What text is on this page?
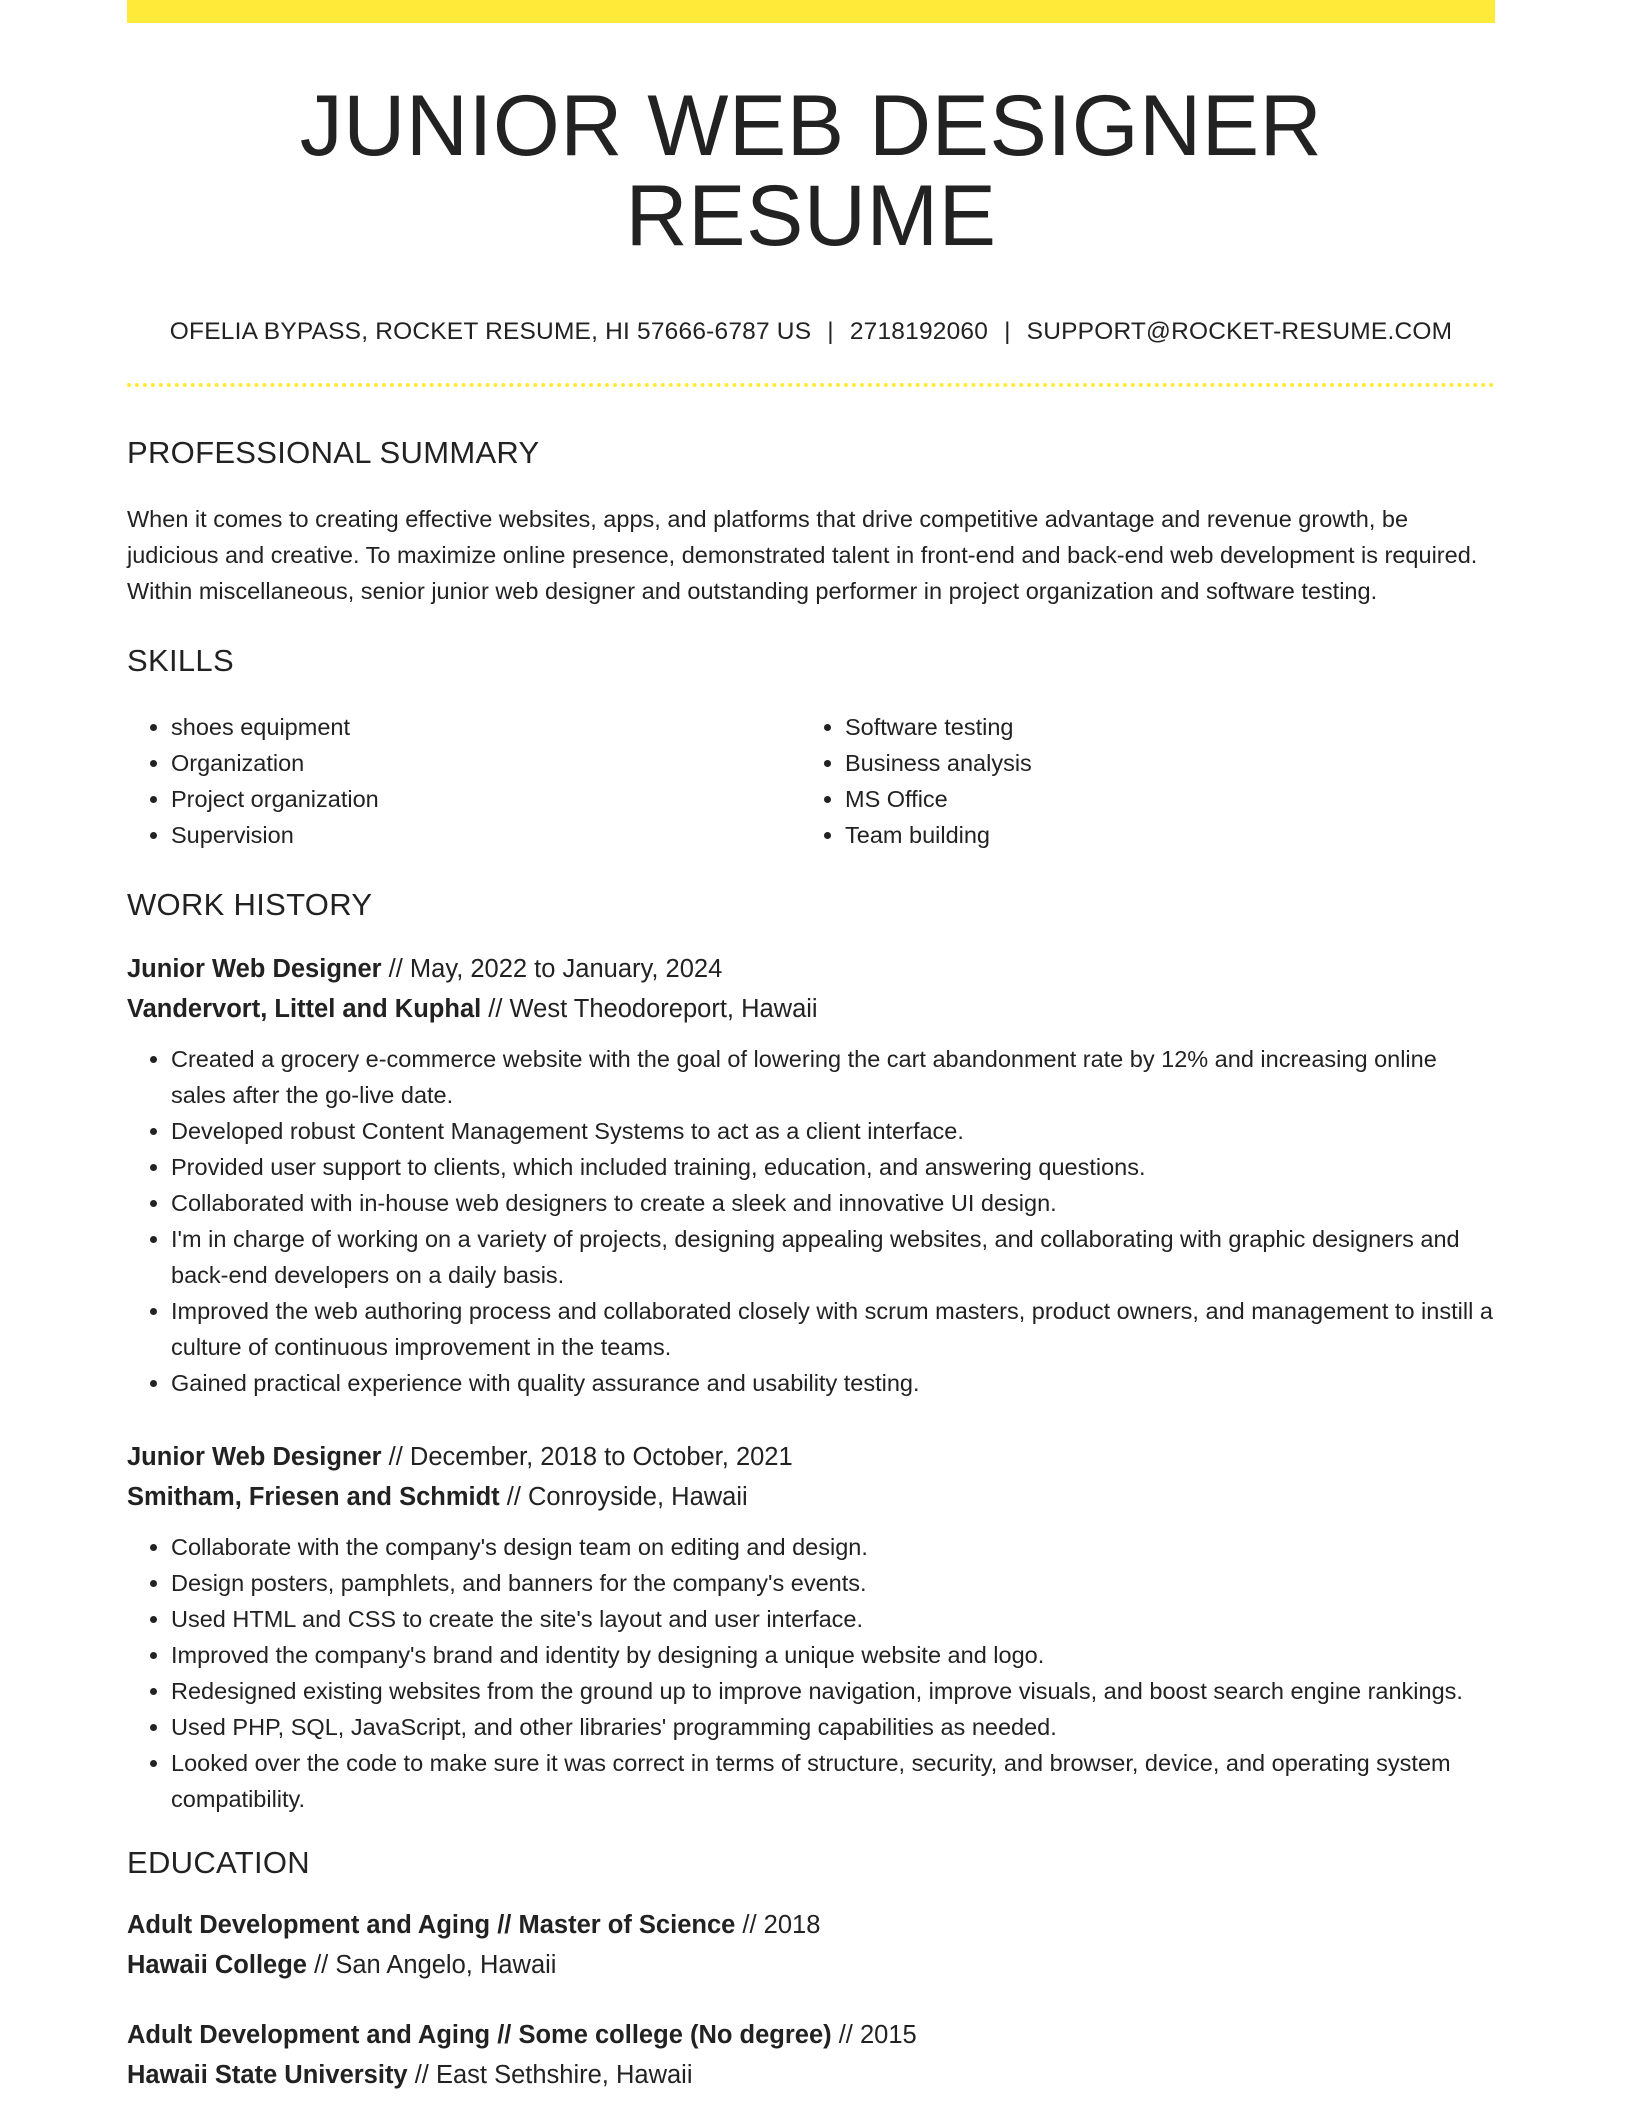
JUNIOR WEB DESIGNER RESUME
OFELIA BYPASS, ROCKET RESUME, HI 57666-6787 US | 2718192060 | SUPPORT@ROCKET-RESUME.COM
PROFESSIONAL SUMMARY
When it comes to creating effective websites, apps, and platforms that drive competitive advantage and revenue growth, be judicious and creative. To maximize online presence, demonstrated talent in front-end and back-end web development is required. Within miscellaneous, senior junior web designer and outstanding performer in project organization and software testing.
SKILLS
• shoes equipment
• Organization
• Project organization
• Supervision
• Software testing
• Business analysis
• MS Office
• Team building
WORK HISTORY
Junior Web Designer // May, 2022 to January, 2024
Vandervort, Littel and Kuphal // West Theodoreport, Hawaii
• Created a grocery e-commerce website with the goal of lowering the cart abandonment rate by 12% and increasing online sales after the go-live date.
• Developed robust Content Management Systems to act as a client interface.
• Provided user support to clients, which included training, education, and answering questions.
• Collaborated with in-house web designers to create a sleek and innovative UI design.
• I'm in charge of working on a variety of projects, designing appealing websites, and collaborating with graphic designers and back-end developers on a daily basis.
• Improved the web authoring process and collaborated closely with scrum masters, product owners, and management to instill a culture of continuous improvement in the teams.
• Gained practical experience with quality assurance and usability testing.
Junior Web Designer // December, 2018 to October, 2021
Smitham, Friesen and Schmidt // Conroyside, Hawaii
• Collaborate with the company's design team on editing and design.
• Design posters, pamphlets, and banners for the company's events.
• Used HTML and CSS to create the site's layout and user interface.
• Improved the company's brand and identity by designing a unique website and logo.
• Redesigned existing websites from the ground up to improve navigation, improve visuals, and boost search engine rankings.
• Used PHP, SQL, JavaScript, and other libraries' programming capabilities as needed.
• Looked over the code to make sure it was correct in terms of structure, security, and browser, device, and operating system compatibility.
EDUCATION
Adult Development and Aging // Master of Science // 2018
Hawaii College // San Angelo, Hawaii
Adult Development and Aging // Some college (No degree) // 2015
Hawaii State University // East Sethshire, Hawaii
